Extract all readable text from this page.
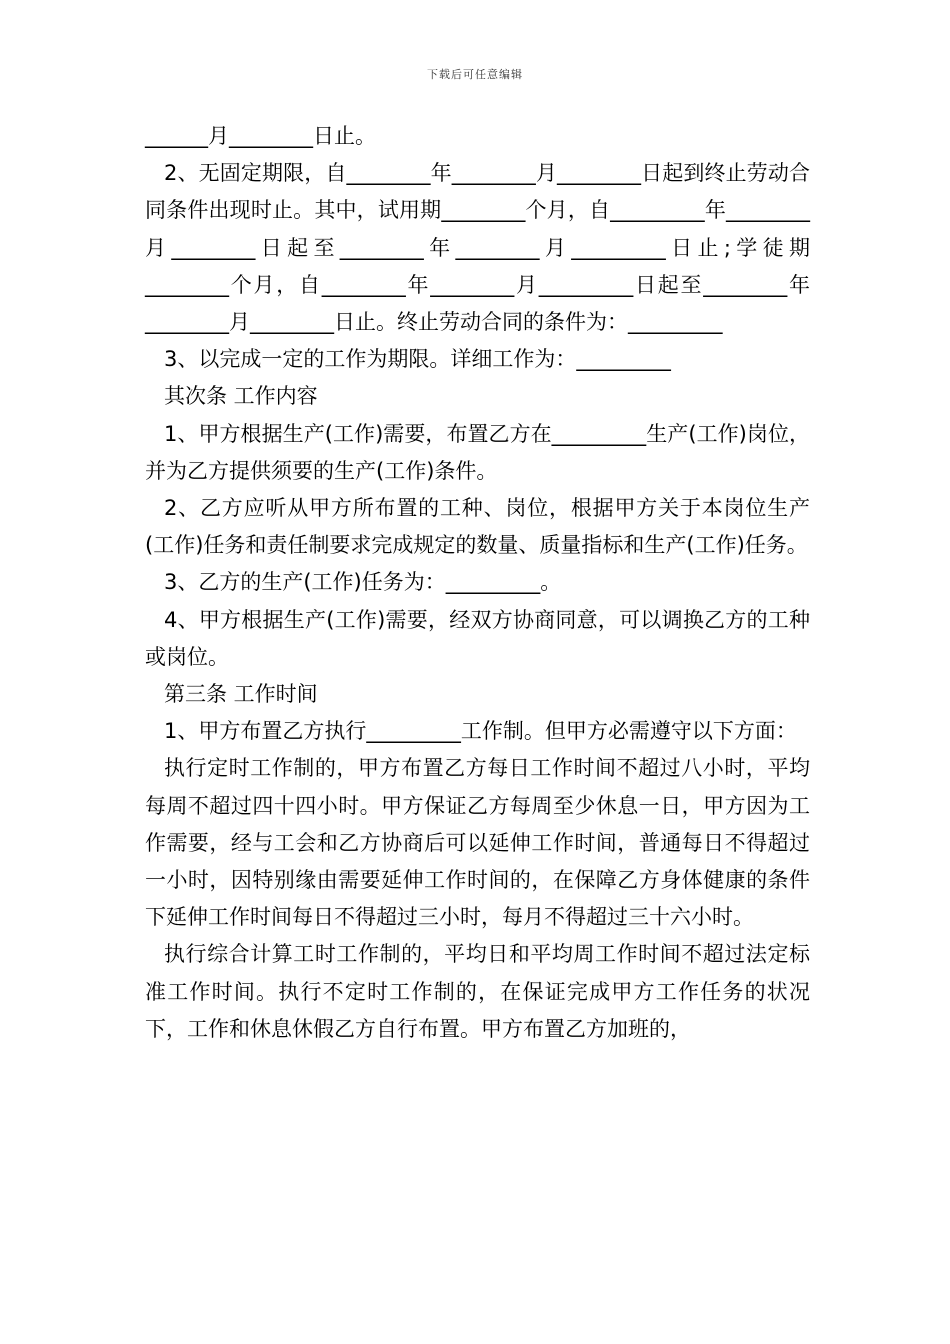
下载后可任意编辑

______月________日止。

2、无固定期限，自________年________月________日起到终止劳动合同条件出现时止。其中，试用期________个月，自_________年________月________日起至________年________月_________日止;学徒期________个月，自________年________月_________日起至________年________月________日止。终止劳动合同的条件为：_________

3、以完成一定的工作为期限。详细工作为：_________

其次条 工作内容

1、甲方根据生产(工作)需要，布置乙方在_________生产(工作)岗位，并为乙方提供须要的生产(工作)条件。

2、乙方应听从甲方所布置的工种、岗位，根据甲方关于本岗位生产(工作)任务和责任制要求完成规定的数量、质量指标和生产(工作)任务。

3、乙方的生产(工作)任务为：_________。

4、甲方根据生产(工作)需要，经双方协商同意，可以调换乙方的工种或岗位。

第三条 工作时间

1、甲方布置乙方执行_________工作制。但甲方必需遵守以下方面：

执行定时工作制的，甲方布置乙方每日工作时间不超过八小时，平均每周不超过四十四小时。甲方保证乙方每周至少休息一日，甲方因为工作需要，经与工会和乙方协商后可以延伸工作时间，普通每日不得超过一小时，因特别缘由需要延伸工作时间的，在保障乙方身体健康的条件下延伸工作时间每日不得超过三小时，每月不得超过三十六小时。

执行综合计算工时工作制的，平均日和平均周工作时间不超过法定标准工作时间。执行不定时工作制的，在保证完成甲方工作任务的状况下，工作和休息休假乙方自行布置。甲方布置乙方加班的，
